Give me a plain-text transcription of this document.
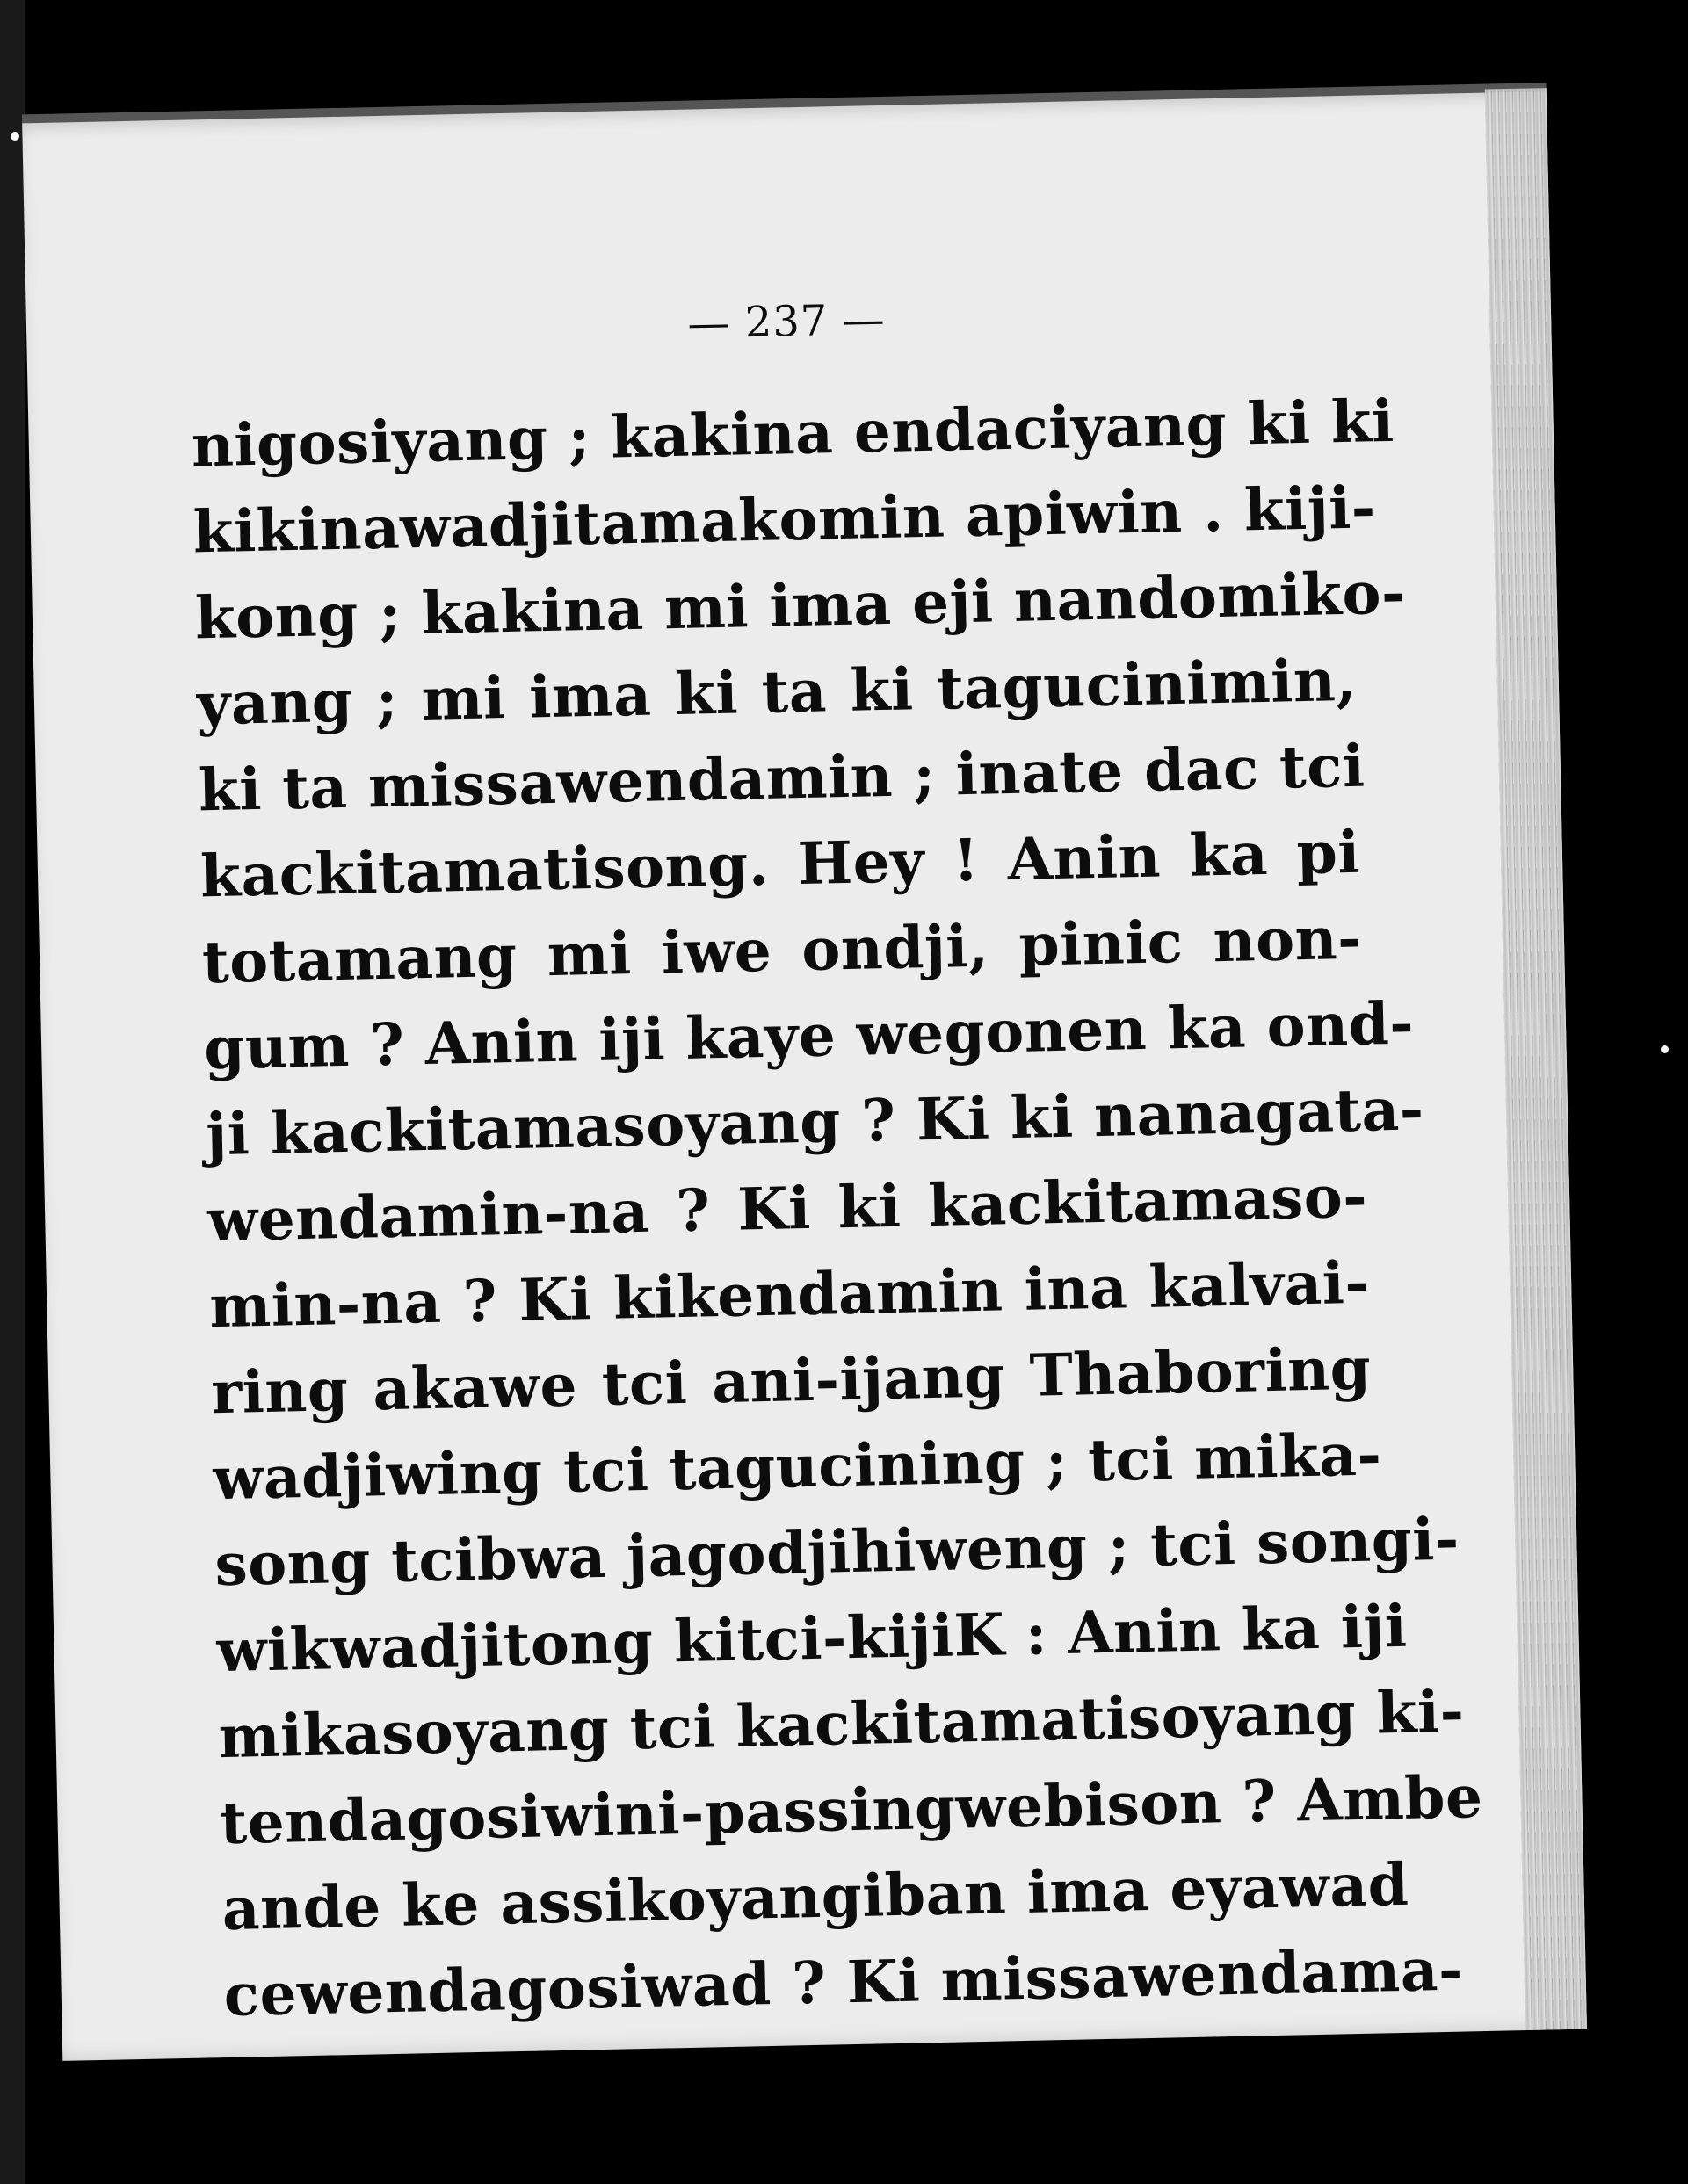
— 237 —
nigosiyang ; kakina endaciyang ki ki
kikinawadjitamakomin apiwin . kiji-
kong ; kakina mi ima eji nandomiko-
yang ; mi ima ki ta ki tagucinimin,
ki ta missawendamin ; inate dac tci
kackitamatisong. Hey ! Anin ka pi
totamang mi iwe ondji, pinic non-
gum ? Anin iji kaye wegonen ka ond-
ji kackitamasoyang ? Ki ki nanagata-
wendamin-na ? Ki ki kackitamaso-
min-na ? Ki kikendamin ina kalvai-
ring akawe tci ani-ijang Thaboring
wadjiwing tci tagucining ; tci mika-
song tcibwa jagodjihiweng ; tci songi-
wikwadjitong kitci-kijiK : Anin ka iji
mikasoyang tci kackitamatisoyang ki-
tendagosiwini-passingwebison ? Ambe
ande ke assikoyangiban ima eyawad
cewendagosiwad ? Ki missawendama-
